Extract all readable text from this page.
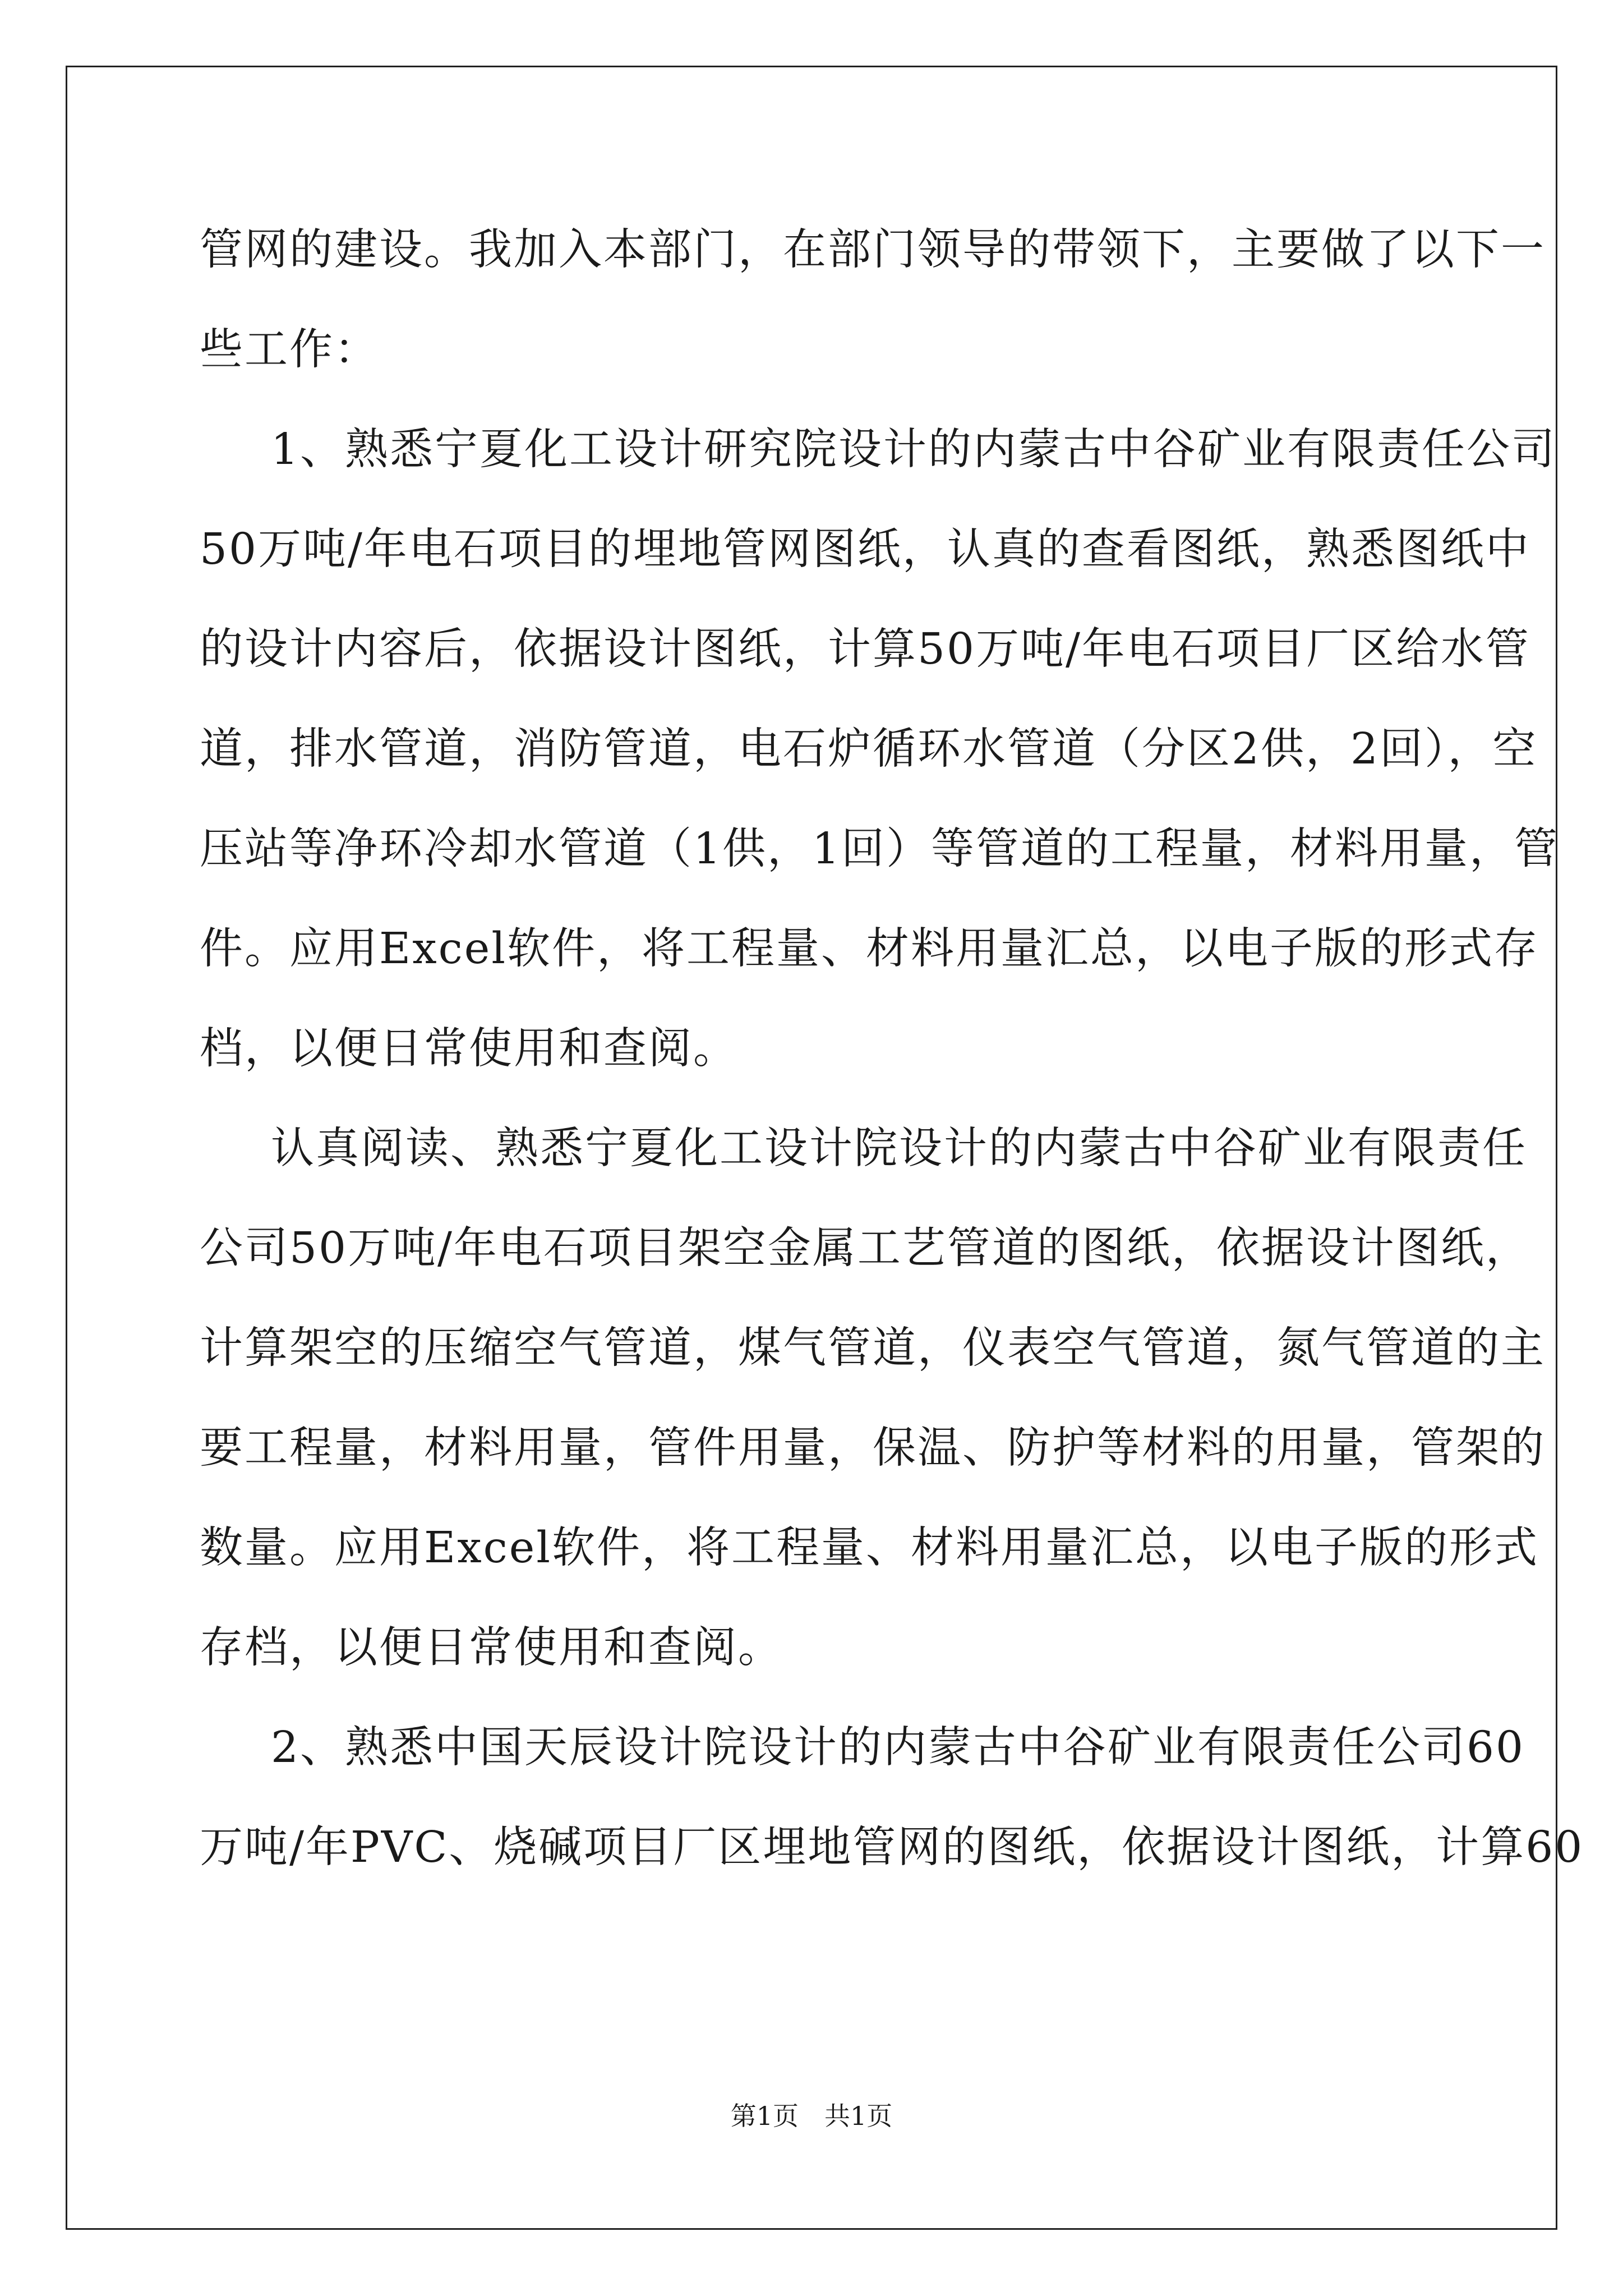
管网的建设。我加入本部门，在部门领导的带领下，主要做了以下一
些工作：
1、熟悉宁夏化工设计研究院设计的内蒙古中谷矿业有限责任公司
50万吨/年电石项目的埋地管网图纸，认真的查看图纸，熟悉图纸中
的设计内容后，依据设计图纸，计算50万吨/年电石项目厂区给水管
道，排水管道，消防管道，电石炉循环水管道（分区2供，2回），空
压站等净环冷却水管道（1供，1回）等管道的工程量，材料用量，管
件。应用Excel软件，将工程量、材料用量汇总，以电子版的形式存
档，以便日常使用和查阅。
认真阅读、熟悉宁夏化工设计院设计的内蒙古中谷矿业有限责任
公司50万吨/年电石项目架空金属工艺管道的图纸，依据设计图纸，
计算架空的压缩空气管道，煤气管道，仪表空气管道，氮气管道的主
要工程量，材料用量，管件用量，保温、防护等材料的用量，管架的
数量。应用Excel软件，将工程量、材料用量汇总，以电子版的形式
存档，以便日常使用和查阅。
2、熟悉中国天辰设计院设计的内蒙古中谷矿业有限责任公司60
万吨/年PVC、烧碱项目厂区埋地管网的图纸，依据设计图纸，计算60
第1页　共1页
